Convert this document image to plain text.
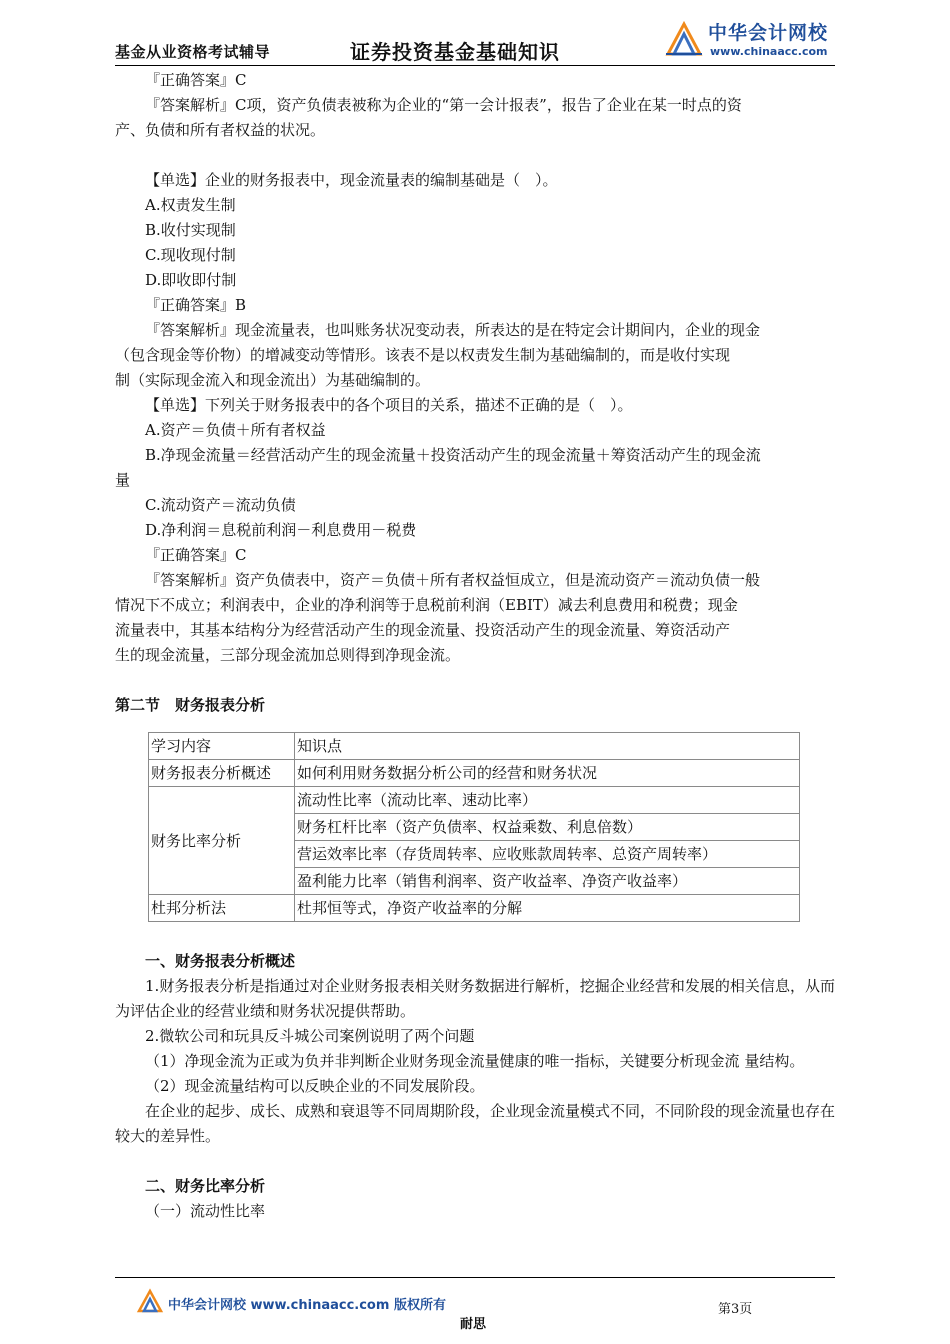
基金从业资格考试辅导	证券投资基金基础知识
中华会计网校
www.chinaacc.com
『正确答案』C
『答案解析』C项，资产负债表被称为企业的“第一会计报表”，报告了企业在某一时点的资
产、负债和所有者权益的状况。
【单选】企业的财务报表中，现金流量表的编制基础是（　）。
A.权责发生制
B.收付实现制
C.现收现付制
D.即收即付制
『正确答案』B
『答案解析』现金流量表，也叫账务状况变动表，所表达的是在特定会计期间内，企业的现金
（包含现金等价物）的增减变动等情形。该表不是以权责发生制为基础编制的，而是收付实现
制（实际现金流入和现金流出）为基础编制的。
【单选】下列关于财务报表中的各个项目的关系，描述不正确的是（　）。
A.资产＝负债＋所有者权益
B.净现金流量＝经营活动产生的现金流量＋投资活动产生的现金流量＋筹资活动产生的现金流
量
C.流动资产＝流动负债
D.净利润＝息税前利润－利息费用－税费
『正确答案』C
『答案解析』资产负债表中，资产＝负债＋所有者权益恒成立，但是流动资产＝流动负债一般
情况下不成立；利润表中，企业的净利润等于息税前利润（EBIT）减去利息费用和税费；现金
流量表中，其基本结构分为经营活动产生的现金流量、投资活动产生的现金流量、筹资活动产
生的现金流量，三部分现金流加总则得到净现金流。
第二节　财务报表分析
学习内容	知识点
财务报表分析概述	如何利用财务数据分析公司的经营和财务状况
财务比率分析	流动性比率（流动比率、速动比率）
	财务杠杆比率（资产负债率、权益乘数、利息倍数）
	营运效率比率（存货周转率、应收账款周转率、总资产周转率）
	盈利能力比率（销售利润率、资产收益率、净资产收益率）
杜邦分析法	杜邦恒等式，净资产收益率的分解
一、财务报表分析概述
1.财务报表分析是指通过对企业财务报表相关财务数据进行解析，挖掘企业经营和发展的相关信息，从而为评估企业的经营业绩和财务状况提供帮助。
2.微软公司和玩具反斗城公司案例说明了两个问题
（1）净现金流为正或为负并非判断企业财务现金流量健康的唯一指标，关键要分析现金流 量结构。
（2）现金流量结构可以反映企业的不同发展阶段。
在企业的起步、成长、成熟和衰退等不同周期阶段，企业现金流量模式不同，不同阶段的现金流量也存在较大的差异性。
二、财务比率分析
（一）流动性比率
中华会计网校 www.chinaacc.com 版权所有	第3页
耐思
